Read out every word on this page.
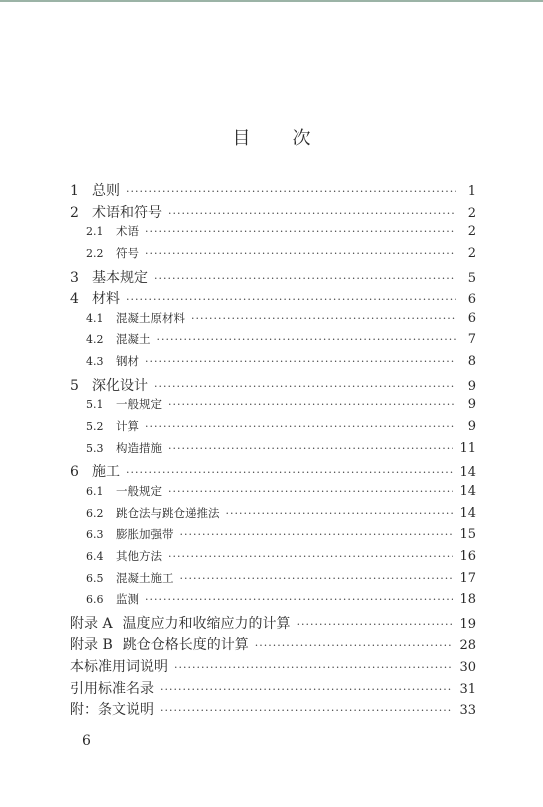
目 次
1 总则 ·····	1
2 术语和符号 ·····	2
2.1	术语 ·····	2
2.2	符号 ·····	2
3 基本规定 ·····	5
4 材料 ·····	6
4.1	混凝土原材料 ·····	6
4.2	混凝土 ·····	7
4.3	钢材 ·····	8
5 深化设计 ·····	9
5.1	一般规定 ·····	9
5.2	计算 ·····	9
5.3	构造措施 ·····	11
6 施工 ·····	14
6.1	一般规定 ·····	14
6.2	跳仓法与跳仓递推法 ·····	14
6.3	膨胀加强带 ·····	15
6.4	其他方法 ·····	16
6.5	混凝土施工 ·····	17
6.6	监测 ·····	18
附录 A 温度应力和收缩应力的计算 ·····	19
附录 B 跳仓仓格长度的计算 ·····	28
本标准用词说明 ·····	30
引用标准名录 ·····	31
附：条文说明 ·····	33
6
